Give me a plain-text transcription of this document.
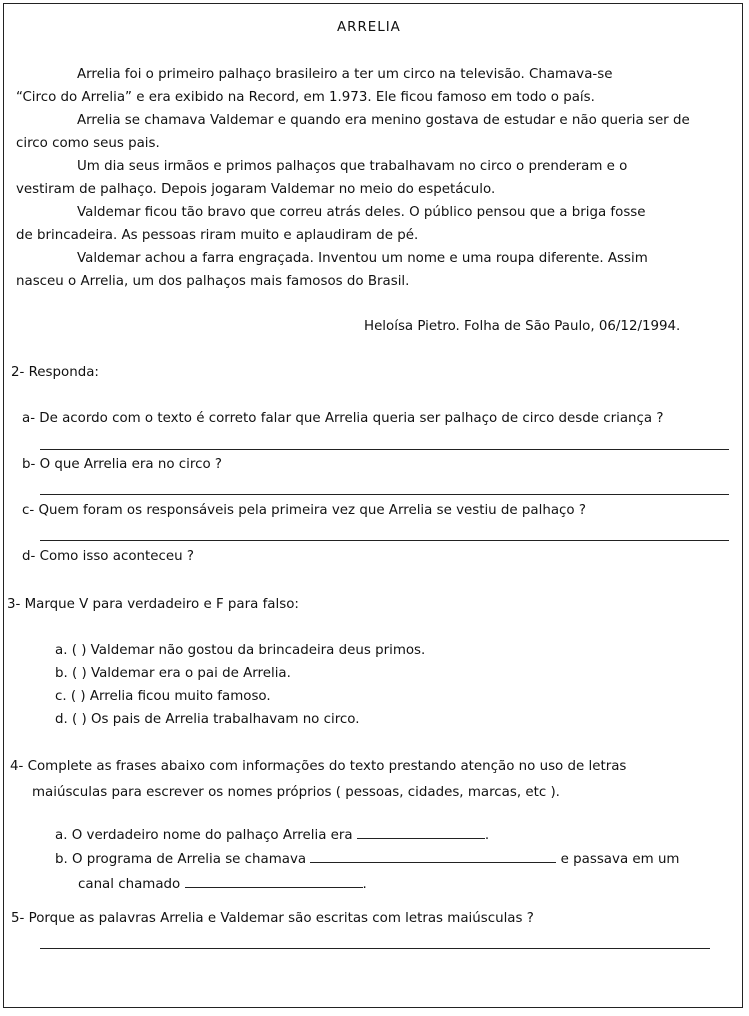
ARRELIA
Arrelia foi o primeiro palhaço brasileiro a ter um circo na televisão. Chamava-se
“Circo do Arrelia” e era exibido na Record, em 1.973. Ele ficou famoso em todo o país.
Arrelia se chamava Valdemar e quando era menino gostava de estudar e não queria ser de
circo como seus pais.
Um dia seus irmãos e primos palhaços que trabalhavam no circo o prenderam e o
vestiram de palhaço. Depois jogaram Valdemar no meio do espetáculo.
Valdemar ficou tão bravo que correu atrás deles. O público pensou que a briga fosse
de brincadeira. As pessoas riram muito e aplaudiram de pé.
Valdemar achou a farra engraçada. Inventou um nome e uma roupa diferente. Assim
nasceu o Arrelia, um dos palhaços mais famosos do Brasil.
Heloísa Pietro. Folha de São Paulo, 06/12/1994.
2- Responda:
a- De acordo com o texto é correto falar que Arrelia queria ser palhaço de circo desde criança ?
b- O que Arrelia era no circo ?
c- Quem foram os responsáveis pela primeira vez que Arrelia se vestiu de palhaço ?
d- Como isso aconteceu ?
3- Marque V para verdadeiro e F para falso:
a. ( ) Valdemar não gostou da brincadeira deus primos.
b. ( ) Valdemar era o pai de Arrelia.
c. ( ) Arrelia ficou muito famoso.
d. ( ) Os pais de Arrelia trabalhavam no circo.
4- Complete as frases abaixo com informações do texto prestando atenção no uso de letras
maiúsculas para escrever os nomes próprios ( pessoas, cidades, marcas, etc ).
a. O verdadeiro nome do palhaço Arrelia era	.
b. O programa de Arrelia se chamava	e passava em um
canal chamado	.
5- Porque as palavras Arrelia e Valdemar são escritas com letras maiúsculas ?
